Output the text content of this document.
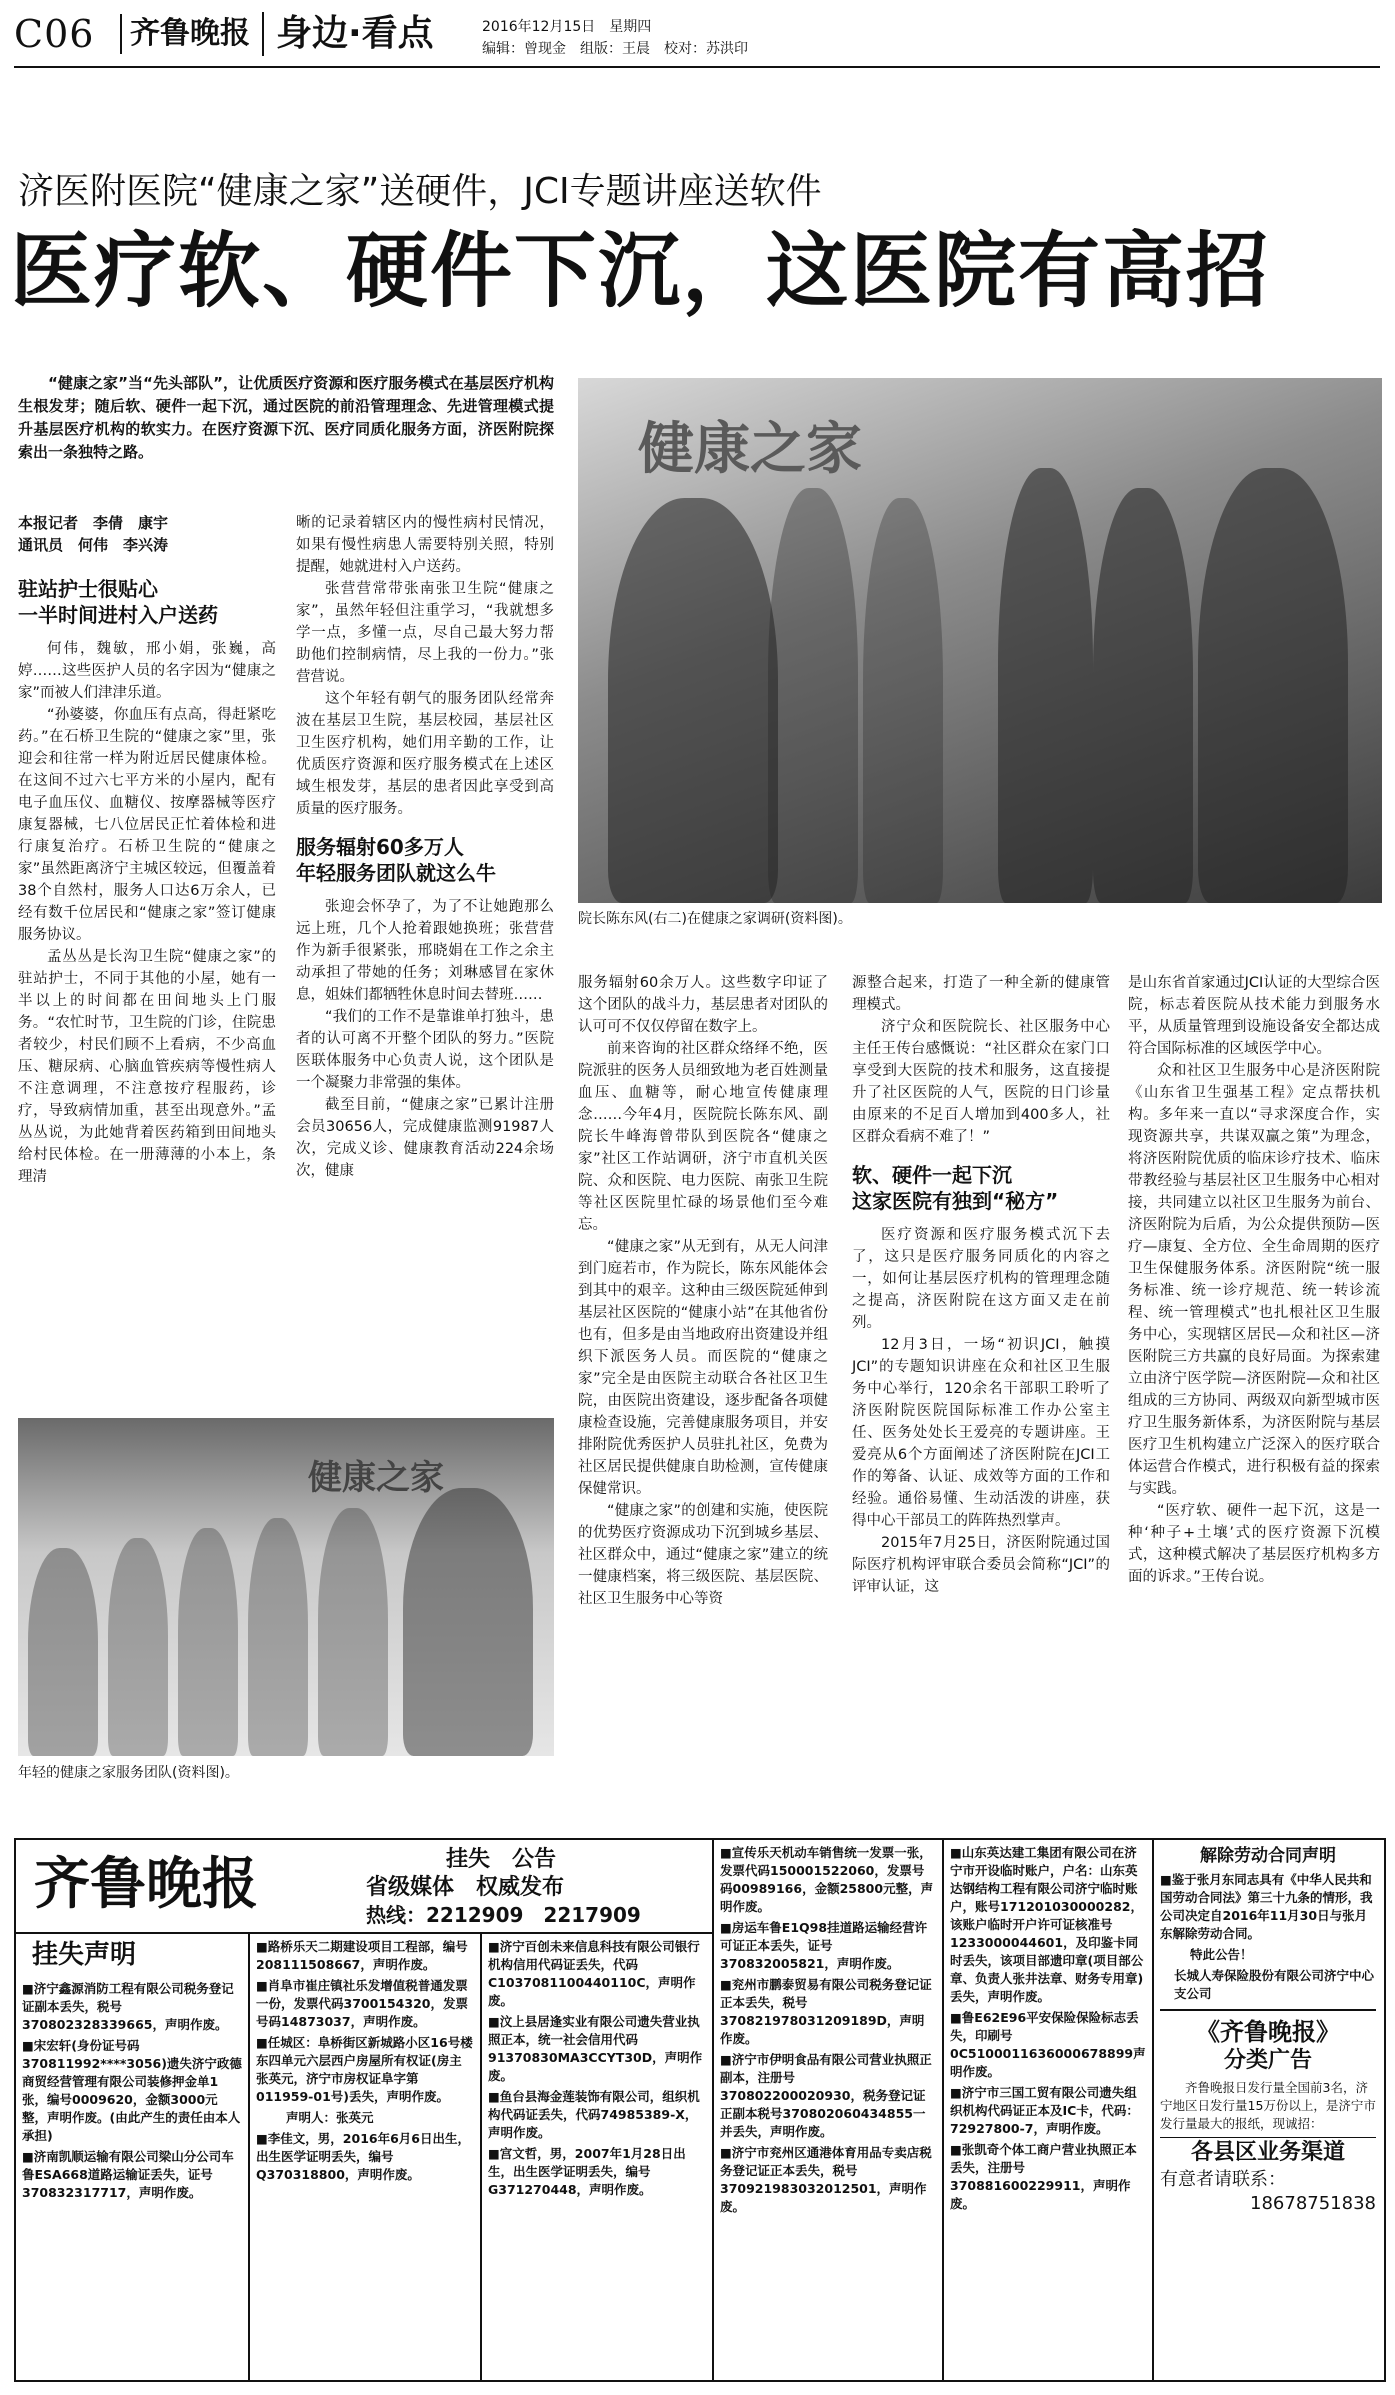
C06	齐鲁晚报 身边·看点	2016年12月15日　星期四
编辑：曾现金　组版：王晨　校对：苏洪印
济医附医院“健康之家”送硬件，JCI专题讲座送软件
医疗软、硬件下沉，这医院有高招

“健康之家”当“先头部队”，让优质医疗资源和医疗服务模式在基层医疗机构生根发芽；随后软、硬件一起下沉，通过医院的前沿管理理念、先进管理模式提升基层医疗机构的软实力。在医疗资源下沉、医疗同质化服务方面，济医附院探索出一条独特之路。	健康之家
院长陈东风(右二)在健康之家调研(资料图)。
本报记者　李倩　康宇
通讯员　何伟　李兴涛
驻站护士很贴心
一半时间进村入户送药

何伟，魏敏，邢小娟，张巍，高婷……这些医护人员的名字因为“健康之家”而被人们津津乐道。

“孙婆婆，你血压有点高，得赶紧吃药。”在石桥卫生院的“健康之家”里，张迎会和往常一样为附近居民健康体检。在这间不过六七平方米的小屋内，配有电子血压仪、血糖仪、按摩器械等医疗康复器械，七八位居民正忙着体检和进行康复治疗。石桥卫生院的“健康之家”虽然距离济宁主城区较远，但覆盖着38个自然村，服务人口达6万余人，已经有数千位居民和“健康之家”签订健康服务协议。

孟丛丛是长沟卫生院“健康之家”的驻站护士，不同于其他的小屋，她有一半以上的时间都在田间地头上门服务。“农忙时节，卫生院的门诊，住院患者较少，村民们顾不上看病，不少高血压、糖尿病、心脑血管疾病等慢性病人不注意调理，不注意按疗程服药，诊疗，导致病情加重，甚至出现意外。”孟丛丛说，为此她背着医药箱到田间地头给村民体检。在一册薄薄的小本上，条理清

晰的记录着辖区内的慢性病村民情况，如果有慢性病患人需要特别关照，特别提醒，她就进村入户送药。

张营营常带张南张卫生院“健康之家”，虽然年轻但注重学习，“我就想多学一点，多懂一点，尽自己最大努力帮助他们控制病情，尽上我的一份力。”张营营说。

这个年轻有朝气的服务团队经常奔波在基层卫生院，基层校园，基层社区卫生医疗机构，她们用辛勤的工作，让优质医疗资源和医疗服务模式在上述区域生根发芽，基层的患者因此享受到高质量的医疗服务。

服务辐射60多万人
年轻服务团队就这么牛

张迎会怀孕了，为了不让她跑那么远上班，几个人抢着跟她换班；张营营作为新手很紧张，邢晓娟在工作之余主动承担了带她的任务；刘琳感冒在家休息，姐妹们都牺牲休息时间去替班……

“我们的工作不是靠谁单打独斗，患者的认可离不开整个团队的努力。”医院医联体服务中心负责人说，这个团队是一个凝聚力非常强的集体。

截至目前，“健康之家”已累计注册会员30656人，完成健康监测91987人次，完成义诊、健康教育活动224余场次，健康

健康之家
年轻的健康之家服务团队(资料图)。

服务辐射60余万人。这些数字印证了这个团队的战斗力，基层患者对团队的认可可不仅仅停留在数字上。

前来咨询的社区群众络绎不绝，医院派驻的医务人员细致地为老百姓测量血压、血糖等，耐心地宣传健康理念……今年4月，医院院长陈东风、副院长牛峰海曾带队到医院各“健康之家”社区工作站调研，济宁市直机关医院、众和医院、电力医院、南张卫生院等社区医院里忙碌的场景他们至今难忘。

“健康之家”从无到有，从无人问津到门庭若市，作为院长，陈东风能体会到其中的艰辛。这种由三级医院延伸到基层社区医院的“健康小站”在其他省份也有，但多是由当地政府出资建设并组织下派医务人员。而医院的“健康之家”完全是由医院主动联合各社区卫生院，由医院出资建设，逐步配备各项健康检查设施，完善健康服务项目，并安排附院优秀医护人员驻扎社区，免费为社区居民提供健康自助检测，宣传健康保健常识。

“健康之家”的创建和实施，使医院的优势医疗资源成功下沉到城乡基层、社区群众中，通过“健康之家”建立的统一健康档案，将三级医院、基层医院、社区卫生服务中心等资

源整合起来，打造了一种全新的健康管理模式。

济宁众和医院院长、社区服务中心主任王传台感慨说：“社区群众在家门口享受到大医院的技术和服务，这直接提升了社区医院的人气，医院的日门诊量由原来的不足百人增加到400多人，社区群众看病不难了！”

软、硬件一起下沉
这家医院有独到“秘方”

医疗资源和医疗服务模式沉下去了，这只是医疗服务同质化的内容之一，如何让基层医疗机构的管理理念随之提高，济医附院在这方面又走在前列。

12月3日，一场“初识JCI，触摸JCI”的专题知识讲座在众和社区卫生服务中心举行，120余名干部职工聆听了济医附院医院国际标准工作办公室主任、医务处处长王爱亮的专题讲座。王爱亮从6个方面阐述了济医附院在JCI工作的筹备、认证、成效等方面的工作和经验。通俗易懂、生动活泼的讲座，获得中心干部员工的阵阵热烈掌声。

2015年7月25日，济医附院通过国际医疗机构评审联合委员会简称“JCI”的评审认证，这

是山东省首家通过JCI认证的大型综合医院，标志着医院从技术能力到服务水平，从质量管理到设施设备安全都达成符合国际标准的区域医学中心。

众和社区卫生服务中心是济医附院《山东省卫生强基工程》定点帮扶机构。多年来一直以“寻求深度合作，实现资源共享，共谋双赢之策”为理念，将济医附院优质的临床诊疗技术、临床带教经验与基层社区卫生服务中心相对接，共同建立以社区卫生服务为前台、济医附院为后盾，为公众提供预防—医疗—康复、全方位、全生命周期的医疗卫生保健服务体系。济医附院“统一服务标准、统一诊疗规范、统一转诊流程、统一管理模式”也扎根社区卫生服务中心，实现辖区居民—众和社区—济医附院三方共赢的良好局面。为探索建立由济宁医学院—济医附院—众和社区组成的三方协同、两级双向新型城市医疗卫生服务新体系，为济医附院与基层医疗卫生机构建立广泛深入的医疗联合体运营合作模式，进行积极有益的探索与实践。

“医疗软、硬件一起下沉，这是一种‘种子+土壤’式的医疗资源下沉模式，这种模式解决了基层医疗机构多方面的诉求。”王传台说。

齐鲁晚报	挂失　公告
省级媒体　权威发布
热线：2212909　2217909
挂失声明
■济宁鑫源消防工程有限公司税务登记证副本丢失，税号370802328339665，声明作废。
■宋宏轩(身份证号码370811992****3056)遗失济宁政德商贸经营管理有限公司装修押金单1张，编号0009620，金额3000元整，声明作废。(由此产生的责任由本人承担)
■济南凯顺运输有限公司梁山分公司车鲁ESA668道路运输证丢失，证号370832317717，声明作废。
■路桥乐天二期建设项目工程部，编号208111508667，声明作废。
■肖阜市崔庄镇社乐发增值税普通发票一份，发票代码3700154320，发票号码14873037，声明作废。
■任城区：阜桥街区新城路小区16号楼东四单元六层西户房屋所有权证(房主张英元，济宁市房权证阜字第011959-01号)丢失，声明作废。
声明人：张英元
■李佳文，男，2016年6月6日出生，出生医学证明丢失，编号Q370318800，声明作废。
■济宁百创未来信息科技有限公司银行机构信用代码证丢失，代码C1037081100440110C，声明作废。
■汶上县居逢实业有限公司遗失营业执照正本，统一社会信用代码91370830MA3CCYT30D，声明作废。
■鱼台县海金莲装饰有限公司，组织机构代码证丢失，代码74985389-X，声明作废。
■宫文哲，男，2007年1月28日出生，出生医学证明丢失，编号G371270448，声明作废。
■宣传乐天机动车销售统一发票一张，发票代码150001522060，发票号码00989166，金额25800元整，声明作废。
■房运车鲁E1Q98挂道路运输经营许可证正本丢失，证号370832005821，声明作废。
■兖州市鹏泰贸易有限公司税务登记证正本丢失，税号370821978031209189D，声明作废。
■济宁市伊明食品有限公司营业执照正副本，注册号370802200020930，税务登记证正副本税号370802060434855一并丢失，声明作废。
■济宁市兖州区通港体育用品专卖店税务登记证正本丢失，税号370921983032012501，声明作废。
■山东英达建工集团有限公司在济宁市开设临时账户，户名：山东英达钢结构工程有限公司济宁临时账户，账号171201030000282，该账户临时开户许可证核准号1233000044601，及印鉴卡同时丢失，该项目部遗印章(项目部公章、负责人张井法章、财务专用章)丢失，声明作废。
■鲁E62E96平安保险保险标志丢失，印刷号0C5100011636000678899声明作废。
■济宁市三国工贸有限公司遗失组织机构代码证正本及IC卡，代码：72927800-7，声明作废。
■张凯奇个体工商户营业执照正本丢失，注册号370881600229911，声明作废。
解除劳动合同声明
■鉴于张月东同志具有《中华人民共和国劳动合同法》第三十九条的情形，我公司决定自2016年11月30日与张月东解除劳动合同。
特此公告！
长城人寿保险股份有限公司济宁中心支公司
《齐鲁晚报》
分类广告
齐鲁晚报日发行量全国前3名，济宁地区日发行量15万份以上，是济宁市发行量最大的报纸，现诚招：
各县区业务渠道
有意者请联系：
18678751838
